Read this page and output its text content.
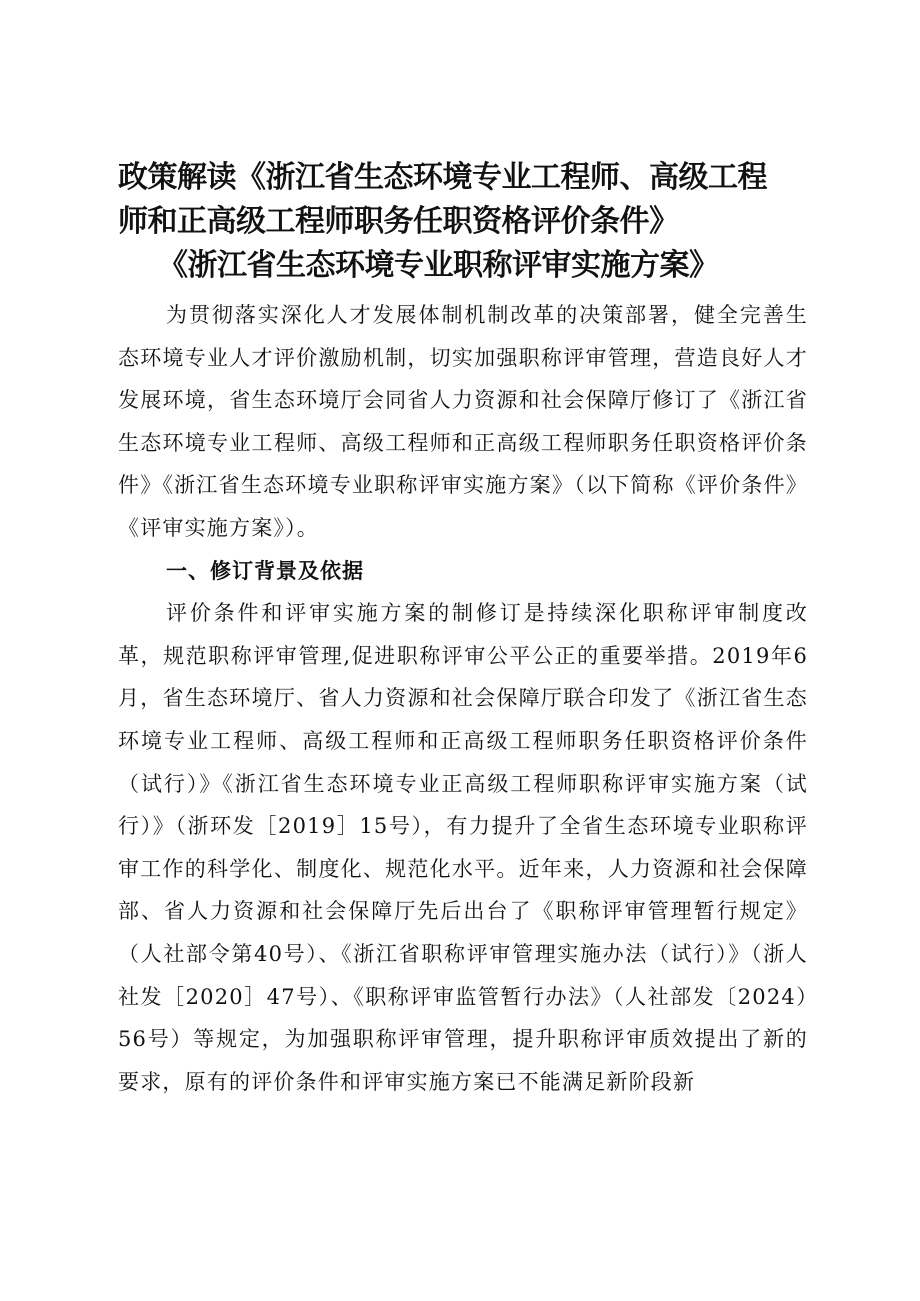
政策解读《浙江省生态环境专业工程师、高级工程
师和正高级工程师职务任职资格评价条件》
《浙江省生态环境专业职称评审实施方案》

为贯彻落实深化人才发展体制机制改革的决策部署，健全完善生态环境专业人才评价激励机制，切实加强职称评审管理，营造良好人才发展环境，省生态环境厅会同省人力资源和社会保障厅修订了《浙江省生态环境专业工程师、高级工程师和正高级工程师职务任职资格评价条件》《浙江省生态环境专业职称评审实施方案》（以下简称《评价条件》《评审实施方案》）。

一、修订背景及依据

评价条件和评审实施方案的制修订是持续深化职称评审制度改革，规范职称评审管理,促进职称评审公平公正的重要举措。2019年6月，省生态环境厅、省人力资源和社会保障厅联合印发了《浙江省生态环境专业工程师、高级工程师和正高级工程师职务任职资格评价条件（试行）》《浙江省生态环境专业正高级工程师职称评审实施方案（试行）》（浙环发［2019］15号），有力提升了全省生态环境专业职称评审工作的科学化、制度化、规范化水平。近年来，人力资源和社会保障部、省人力资源和社会保障厅先后出台了《职称评审管理暂行规定》（人社部令第40号）、《浙江省职称评审管理实施办法（试行）》（浙人社发［2020］47号）、《职称评审监管暂行办法》（人社部发〔2024）56号）等规定，为加强职称评审管理，提升职称评审质效提出了新的要求，原有的评价条件和评审实施方案已不能满足新阶段新
